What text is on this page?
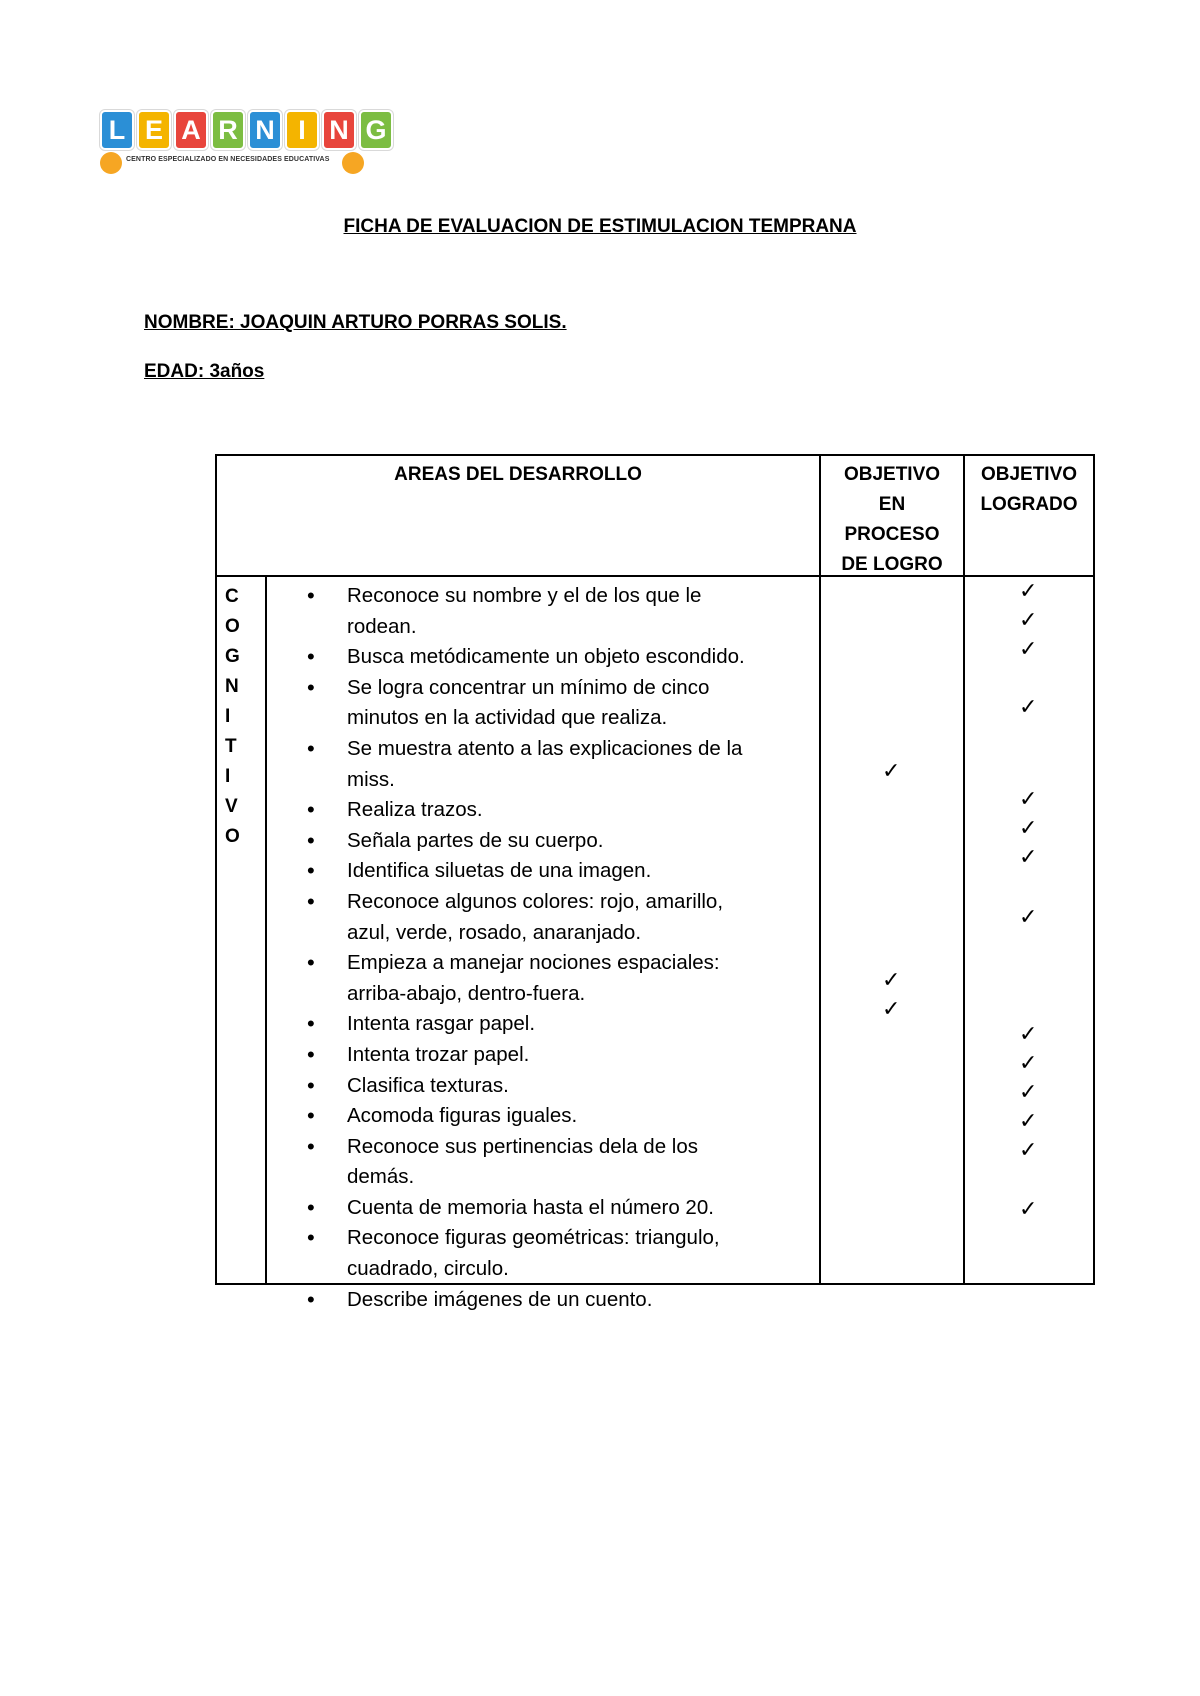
L E A R N I N G
CENTRO ESPECIALIZADO EN NECESIDADES EDUCATIVAS
FICHA DE EVALUACION DE ESTIMULACION TEMPRANA
NOMBRE: JOAQUIN ARTURO PORRAS SOLIS.
EDAD: 3años
AREAS DEL DESARROLLO	OBJETIVO
EN
PROCESO
DE LOGRO
OBJETIVO
LOGRADO
C
O
G
N
I
T
I
V
O
• Reconoce su nombre y el de los que le rodean.
• Busca metódicamente un objeto escondido.
• Se logra concentrar un mínimo de cinco minutos en la actividad que realiza.
• Se muestra atento a las explicaciones de la miss.
• Realiza trazos.
• Señala partes de su cuerpo.
• Identifica siluetas de una imagen.
• Reconoce algunos colores: rojo, amarillo, azul, verde, rosado, anaranjado.
• Empieza a manejar nociones espaciales: arriba-abajo, dentro-fuera.
• Intenta rasgar papel.
• Intenta trozar papel.
• Clasifica texturas.
• Acomoda figuras iguales.
• Reconoce sus pertinencias dela de los demás.
• Cuenta de memoria hasta el número 20.
• Reconoce figuras geométricas: triangulo, cuadrado, circulo.
• Describe imágenes de un cuento.
✓
✓
✓
✓
✓
✓
✓
✓
✓
✓
✓
✓
✓
✓
✓
✓
✓
